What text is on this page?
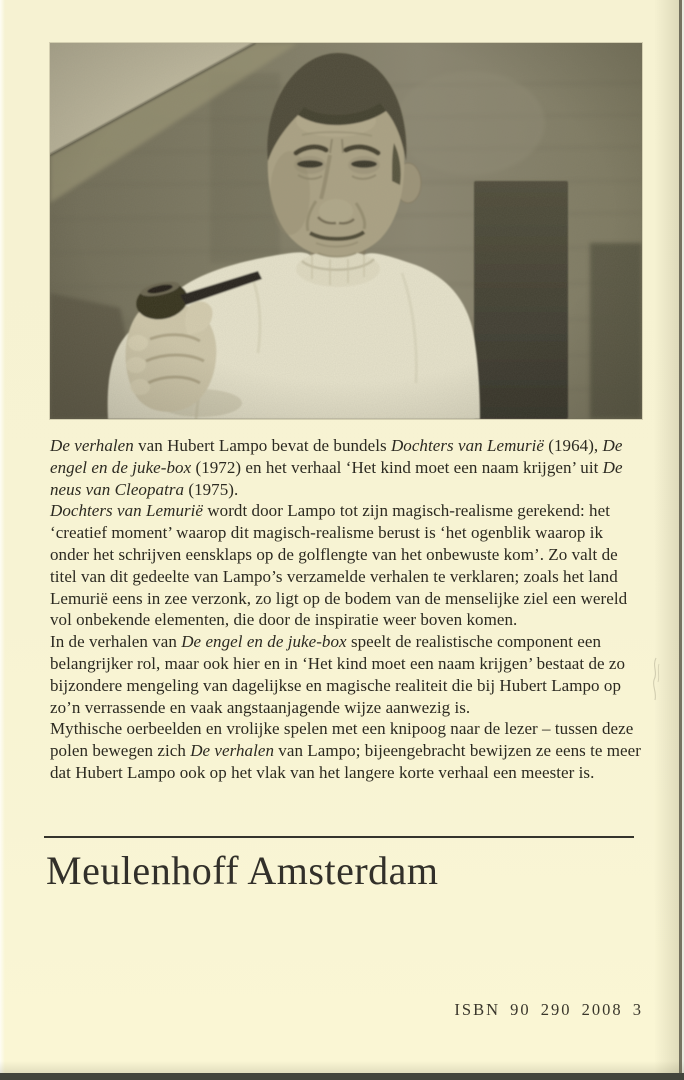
De verhalen van Hubert Lampo bevat de bundels Dochters van Lemurië (1964), De engel en de juke-box (1972) en het verhaal ‘Het kind moet een naam krijgen’ uit De neus van Cleopatra (1975).

Dochters van Lemurië wordt door Lampo tot zijn magisch-realisme gerekend: het ‘creatief moment’ waarop dit magisch-realisme berust is ‘het ogenblik waarop ik onder het schrijven eensklaps op de golflengte van het onbewuste kom’. Zo valt de titel van dit gedeelte van Lampo’s verzamelde verhalen te verklaren; zoals het land Lemurië eens in zee verzonk, zo ligt op de bodem van de menselijke ziel een wereld vol onbekende elementen, die door de inspiratie weer boven komen.

In de verhalen van De engel en de juke-box speelt de realistische component een belangrijker rol, maar ook hier en in ‘Het kind moet een naam krijgen’ bestaat de zo bijzondere mengeling van dagelijkse en magische realiteit die bij Hubert Lampo op zo’n verrassende en vaak angstaanjagende wijze aanwezig is.

Mythische oerbeelden en vrolijke spelen met een knipoog naar de lezer – tussen deze polen bewegen zich De verhalen van Lampo; bijeengebracht bewijzen ze eens te meer dat Hubert Lampo ook op het vlak van het langere korte verhaal een meester is.

Meulenhoff Amsterdam
ISBN 90 290 2008 3
